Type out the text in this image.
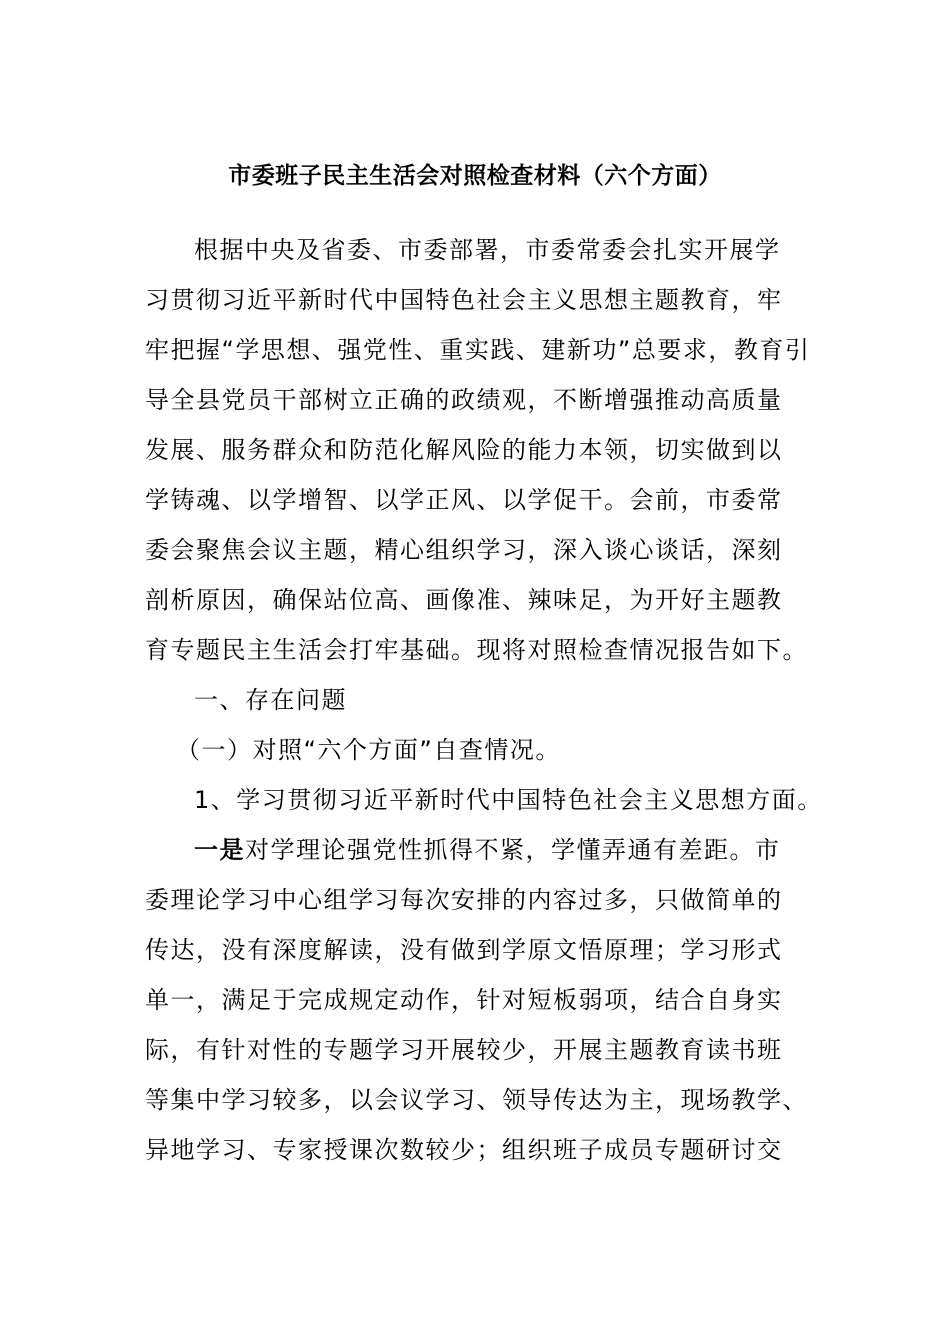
市委班子民主生活会对照检查材料（六个方面）

根据中央及省委、市委部署，市委常委会扎实开展学

习贯彻习近平新时代中国特色社会主义思想主题教育，牢

牢把握“学思想、强党性、重实践、建新功”总要求，教育引

导全县党员干部树立正确的政绩观，不断增强推动高质量

发展、服务群众和防范化解风险的能力本领，切实做到以

学铸魂、以学增智、以学正风、以学促干。会前，市委常

委会聚焦会议主题，精心组织学习，深入谈心谈话，深刻

剖析原因，确保站位高、画像准、辣味足，为开好主题教

育专题民主生活会打牢基础。现将对照检查情况报告如下。

一、存在问题

（一）对照“六个方面”自查情况。

1、学习贯彻习近平新时代中国特色社会主义思想方面。

一是对学理论强党性抓得不紧，学懂弄通有差距。市

委理论学习中心组学习每次安排的内容过多，只做简单的

传达，没有深度解读，没有做到学原文悟原理；学习形式

单一，满足于完成规定动作，针对短板弱项，结合自身实

际，有针对性的专题学习开展较少，开展主题教育读书班

等集中学习较多，以会议学习、领导传达为主，现场教学、

异地学习、专家授课次数较少；组织班子成员专题研讨交
